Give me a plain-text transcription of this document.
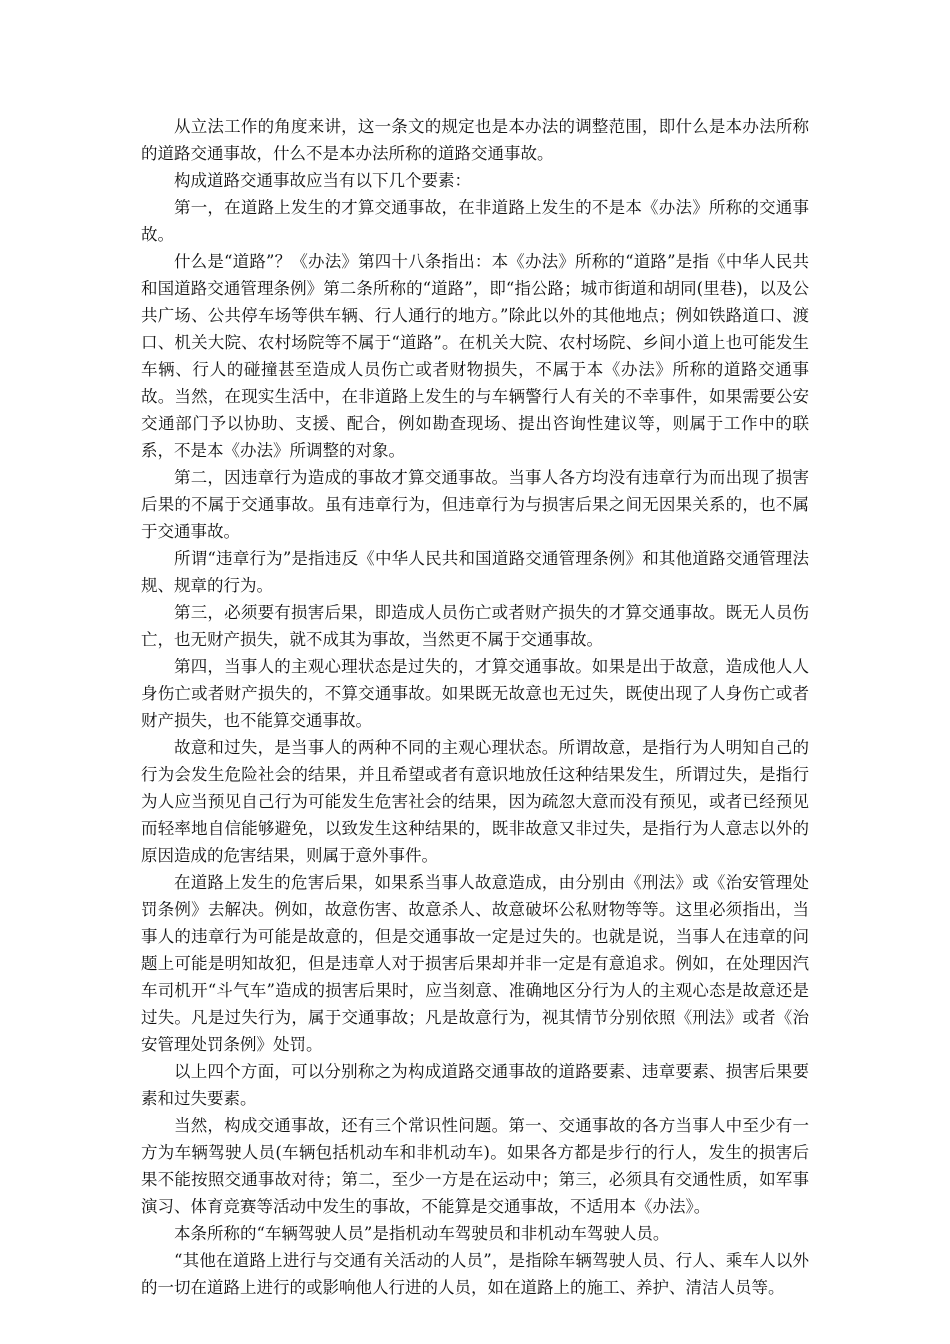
从立法工作的角度来讲，这一条文的规定也是本办法的调整范围，即什么是本办法所称的道路交通事故，什么不是本办法所称的道路交通事故。

构成道路交通事故应当有以下几个要素：

第一，在道路上发生的才算交通事故，在非道路上发生的不是本《办法》所称的交通事故。

什么是“道路”？《办法》第四十八条指出：本《办法》所称的“道路”是指《中华人民共和国道路交通管理条例》第二条所称的“道路”，即“指公路；城市街道和胡同(里巷)，以及公共广场、公共停车场等供车辆、行人通行的地方。”除此以外的其他地点；例如铁路道口、渡口、机关大院、农村场院等不属于“道路”。在机关大院、农村场院、乡间小道上也可能发生车辆、行人的碰撞甚至造成人员伤亡或者财物损失，不属于本《办法》所称的道路交通事故。当然，在现实生活中，在非道路上发生的与车辆警行人有关的不幸事件，如果需要公安交通部门予以协助、支援、配合，例如勘查现场、提出咨询性建议等，则属于工作中的联系，不是本《办法》所调整的对象。

第二，因违章行为造成的事故才算交通事故。当事人各方均没有违章行为而出现了损害后果的不属于交通事故。虽有违章行为，但违章行为与损害后果之间无因果关系的，也不属于交通事故。

所谓“违章行为”是指违反《中华人民共和国道路交通管理条例》和其他道路交通管理法规、规章的行为。

第三，必须要有损害后果，即造成人员伤亡或者财产损失的才算交通事故。既无人员伤亡，也无财产损失，就不成其为事故，当然更不属于交通事故。

第四，当事人的主观心理状态是过失的，才算交通事故。如果是出于故意，造成他人人身伤亡或者财产损失的，不算交通事故。如果既无故意也无过失，既使出现了人身伤亡或者财产损失，也不能算交通事故。

故意和过失，是当事人的两种不同的主观心理状态。所谓故意，是指行为人明知自己的行为会发生危险社会的结果，并且希望或者有意识地放任这种结果发生，所谓过失，是指行为人应当预见自己行为可能发生危害社会的结果，因为疏忽大意而没有预见，或者已经预见而轻率地自信能够避免，以致发生这种结果的，既非故意又非过失，是指行为人意志以外的原因造成的危害结果，则属于意外事件。

在道路上发生的危害后果，如果系当事人故意造成，由分别由《刑法》或《治安管理处罚条例》去解决。例如，故意伤害、故意杀人、故意破坏公私财物等等。这里必须指出，当事人的违章行为可能是故意的，但是交通事故一定是过失的。也就是说，当事人在违章的问题上可能是明知故犯，但是违章人对于损害后果却并非一定是有意追求。例如，在处理因汽车司机开“斗气车”造成的损害后果时，应当刻意、准确地区分行为人的主观心态是故意还是过失。凡是过失行为，属于交通事故；凡是故意行为，视其情节分别依照《刑法》或者《治安管理处罚条例》处罚。

以上四个方面，可以分别称之为构成道路交通事故的道路要素、违章要素、损害后果要素和过失要素。

当然，构成交通事故，还有三个常识性问题。第一、交通事故的各方当事人中至少有一方为车辆驾驶人员(车辆包括机动车和非机动车)。如果各方都是步行的行人，发生的损害后果不能按照交通事故对待；第二，至少一方是在运动中；第三，必须具有交通性质，如军事演习、体育竞赛等活动中发生的事故，不能算是交通事故，不适用本《办法》。

本条所称的“车辆驾驶人员”是指机动车驾驶员和非机动车驾驶人员。

“其他在道路上进行与交通有关活动的人员”，是指除车辆驾驶人员、行人、乘车人以外的一切在道路上进行的或影响他人行进的人员，如在道路上的施工、养护、清洁人员等。
